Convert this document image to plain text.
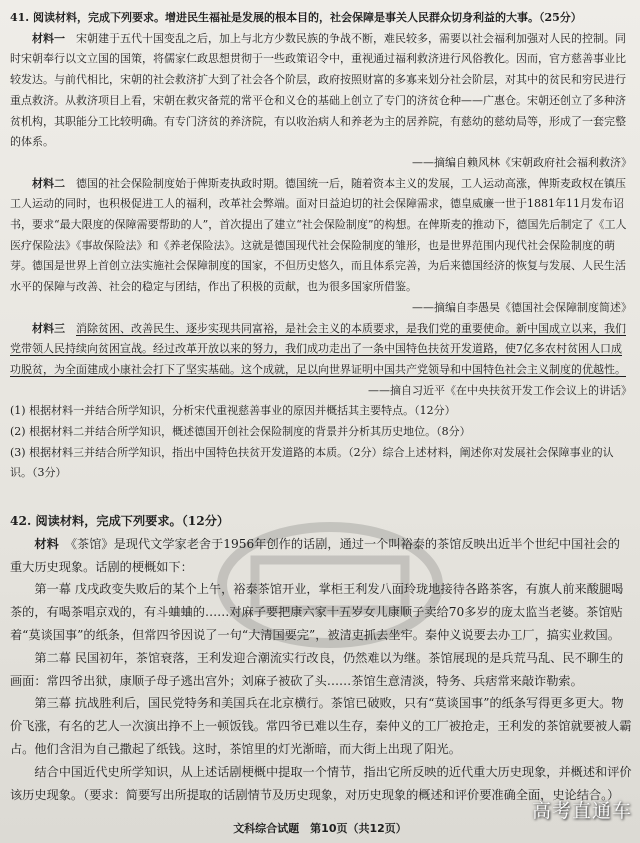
41. 阅读材料，完成下列要求。增进民生福祉是发展的根本目的，社会保障是事关人民群众切身利益的大事。（25分）

材料一　 宋朝建于五代十国变乱之后，加上与北方少数民族的争战不断，难民较多，需要以社会福利加强对人民的控制。同时宋朝奉行以文立国的国策，将儒家仁政思想贯彻于一些政策诏令中，重视通过福利救济进行风俗教化。因而，官方慈善事业比较发达。与前代相比，宋朝的社会救济扩大到了社会各个阶层，政府按照财富的多寡来划分社会阶层，对其中的贫民和穷民进行重点救济。从救济项目上看，宋朝在救灾备荒的常平仓和义仓的基础上创立了专门的济贫仓种——广惠仓。宋朝还创立了多种济贫机构，其职能分工比较明确。有专门济贫的养济院，有以收治病人和养老为主的居养院，有慈幼的慈幼局等，形成了一套完整的体系。

——摘编自赖风林《宋朝政府社会福利救济》

材料二　 德国的社会保险制度始于俾斯麦执政时期。德国统一后，随着资本主义的发展，工人运动高涨，俾斯麦政权在镇压工人运动的同时，也积极促进工人的福利，改革社会弊端。面对日益迫切的社会保障需求，德皇威廉一世于1881年11月发布诏书，要求“最大限度的保障需要帮助的人”，首次提出了建立“社会保险制度”的构想。在俾斯麦的推动下，德国先后制定了《工人医疗保险法》《事故保险法》和《养老保险法》。这就是德国现代社会保险制度的雏形，也是世界范围内现代社会保险制度的萌芽。德国是世界上首创立法实施社会保障制度的国家，不但历史悠久，而且体系完善，为后来德国经济的恢复与发展、人民生活水平的保障与改善、社会的稳定与团结，作出了积极的贡献，也为很多国家所借鉴。

——摘编自李愚昊《德国社会保障制度简述》

材料三　 消除贫困、改善民生、逐步实现共同富裕，是社会主义的本质要求，是我们党的重要使命。新中国成立以来，我们党带领人民持续向贫困宣战。经过改革开放以来的努力，我们成功走出了一条中国特色扶贫开发道路，使7亿多农村贫困人口成功脱贫，为全面建成小康社会打下了坚实基础。这个成就，足以向世界证明中国共产党领导和中国特色社会主义制度的优越性。

——摘自习近平《在中央扶贫开发工作会议上的讲话》

(1) 根据材料一并结合所学知识，分析宋代重视慈善事业的原因并概括其主要特点。（12分）

(2) 根据材料二并结合所学知识，概述德国开创社会保险制度的背景并分析其历史地位。（8分）

(3) 根据材料三并结合所学知识，指出中国特色扶贫开发道路的本质。（2分）综合上述材料，阐述你对发展社会保障事业的认识。（3分）

42. 阅读材料，完成下列要求。（12分）

材料　 《茶馆》是现代文学家老舍于1956年创作的话剧，通过一个叫裕泰的茶馆反映出近半个世纪中国社会的重大历史现象。话剧的梗概如下：

第一幕 戊戌政变失败后的某个上午，裕泰茶馆开业，掌柜王利发八面玲珑地接待各路茶客，有旗人前来酸腿喝茶的，有喝茶唱京戏的，有斗蛐蛐的……对麻子要把康六家十五岁女儿康顺子卖给70多岁的庞太监当老婆。茶馆贴着“莫谈国事”的纸条，但常四爷因说了一句“大清国要完”，被清吏抓去坐牢。秦仲义说要去办工厂，搞实业救国。

第二幕 民国初年，茶馆衰落，王利发迎合潮流实行改良，仍然难以为继。茶馆展现的是兵荒马乱、民不聊生的画面：常四爷出狱，康顺子母子逃出宫外；刘麻子被砍了头……茶馆生意清淡，特务、兵痞常来敲诈勒索。

第三幕 抗战胜利后，国民党特务和美国兵在北京横行。茶馆已破败，只有“莫谈国事”的纸条写得更多更大。物价飞涨，有名的艺人一次演出挣不上一顿饭钱。常四爷已难以生存，秦仲义的工厂被抢走，王利发的茶馆就要被人霸占。他们含泪为自己撒起了纸钱。这时，茶馆里的灯光渐暗，而大街上出现了阳光。

结合中国近代史所学知识，从上述话剧梗概中提取一个情节，指出它所反映的近代重大历史现象，并概述和评价该历史现象。（要求：简要写出所提取的话剧情节及历史现象，对历史现象的概述和评价要准确全面，史论结合。）

文科综合试题　第10页（共12页）
高考直通车
